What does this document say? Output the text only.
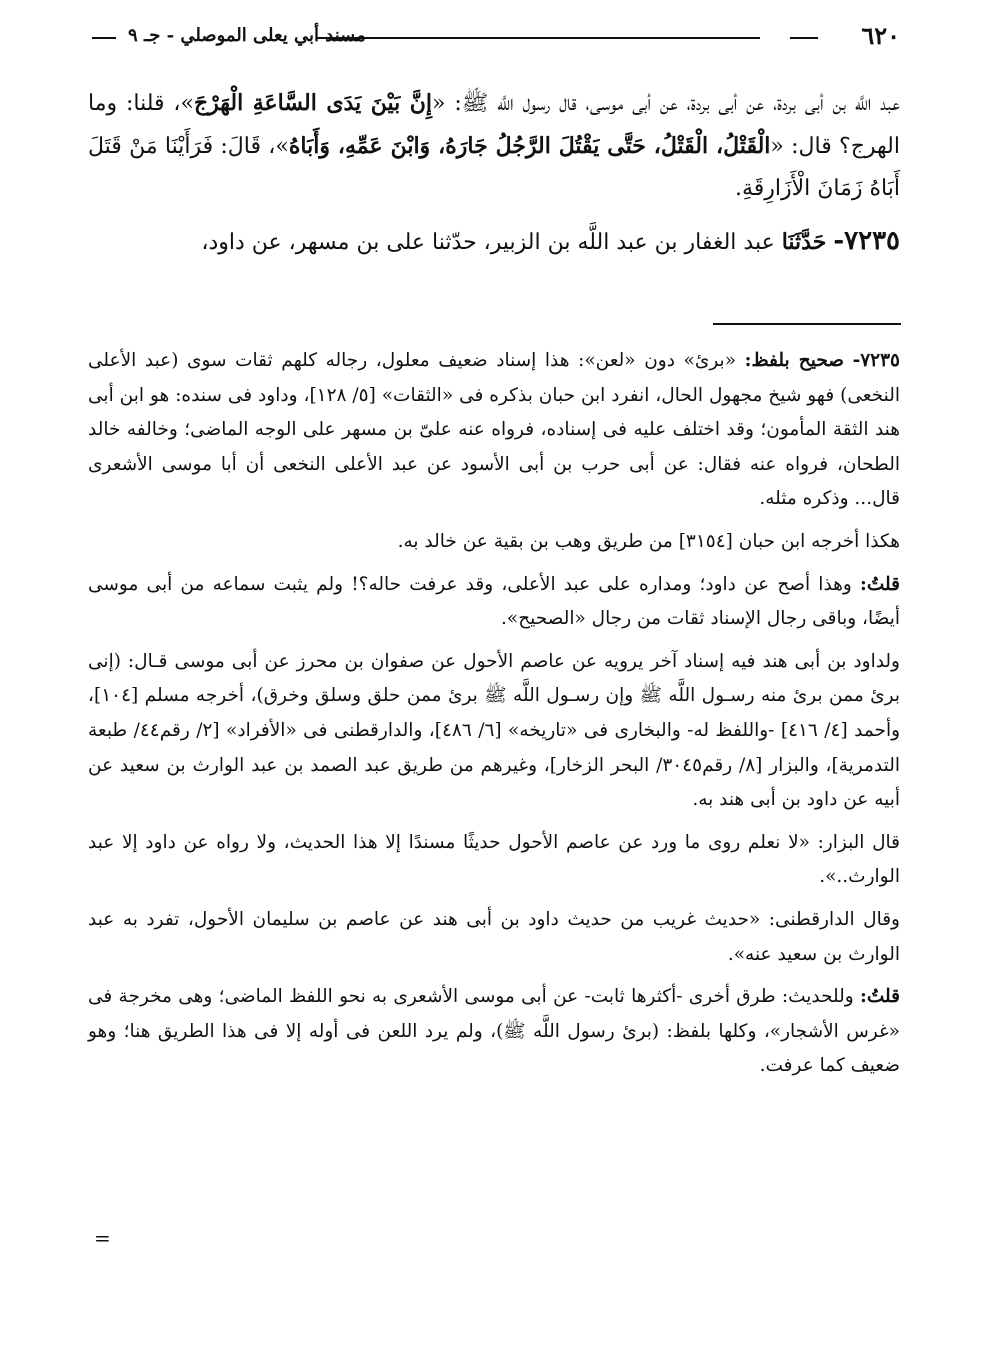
٦٢٠
مسند أبي يعلى الموصلي - جـ ٩

عبد اللَّه بن أبى بردة، عن أبى بردة، عن أبى موسى، قال رسول اللَّه ﷺ: «إِنَّ بَيْنَ يَدَى السَّاعَةِ الْهَرْجَ»، قلنا: وما الهرج؟ قال: «الْقَتْلُ، الْقَتْلُ، حَتَّى يَقْتُلَ الرَّجُلُ جَارَهُ، وَابْنَ عَمِّهِ، وَأَبَاهُ»، قَالَ: فَرَأَيْنَا مَنْ قَتَلَ أَبَاهُ زَمَانَ الْأَزَارِقَةِ.

٧٢٣٥- حَدَّثَنَا عبد الغفار بن عبد اللَّه بن الزبير، حدّثنا على بن مسهر، عن داود،

٧٢٣٥- صحيح بلفظ: «برئ» دون «لعن»: هذا إسناد ضعيف معلول، رجاله كلهم ثقات سوى (عبد الأعلى النخعى) فهو شيخ مجهول الحال، انفرد ابن حبان بذكره فى «الثقات» [٥/ ١٢٨]، وداود فى سنده: هو ابن أبى هند الثقة المأمون؛ وقد اختلف عليه فى إسناده، فرواه عنه علىّ بن مسهر على الوجه الماضى؛ وخالفه خالد الطحان، فرواه عنه فقال: عن أبى حرب بن أبى الأسود عن عبد الأعلى النخعى أن أبا موسى الأشعرى قال... وذكره مثله.

هكذا أخرجه ابن حبان [٣١٥٤] من طريق وهب بن بقية عن خالد به.

قلتُ: وهذا أصح عن داود؛ ومداره على عبد الأعلى، وقد عرفت حاله؟! ولم يثبت سماعه من أبى موسى أيضًا، وباقى رجال الإسناد ثقات من رجال «الصحيح».

ولداود بن أبى هند فيه إسناد آخر يرويه عن عاصم الأحول عن صفوان بن محرز عن أبى موسى قـال: (إنى برئ ممن برئ منه رسـول اللَّه ﷺ وإن رسـول اللَّه ﷺ برئ ممن حلق وسلق وخرق)، أخرجه مسلم [١٠٤]، وأحمد [٤/ ٤١٦] -واللفظ له- والبخارى فى «تاريخه» [٦/ ٤٨٦]، والدارقطنى فى «الأفراد» [٢/ رقم٤٤/ طبعة التدمرية]، والبزار [٨/ رقم٣٠٤٥/ البحر الزخار]، وغيرهم من طريق عبد الصمد بن عبد الوارث بن سعيد عن أبيه عن داود بن أبى هند به.

قال البزار: «لا نعلم روى ما ورد عن عاصم الأحول حديثًا مسندًا إلا هذا الحديث، ولا رواه عن داود إلا عبد الوارث..».

وقال الدارقطنى: «حديث غريب من حديث داود بن أبى هند عن عاصم بن سليمان الأحول، تفرد به عبد الوارث بن سعيد عنه».

قلتُ: وللحديث: طرق أخرى -أكثرها ثابت- عن أبى موسى الأشعرى به نحو اللفظ الماضى؛ وهى مخرجة فى «غرس الأشجار»، وكلها بلفظ: (برئ رسول اللَّه ﷺ)، ولم يرد اللعن فى أوله إلا فى هذا الطريق هنا؛ وهو ضعيف كما عرفت.

=
